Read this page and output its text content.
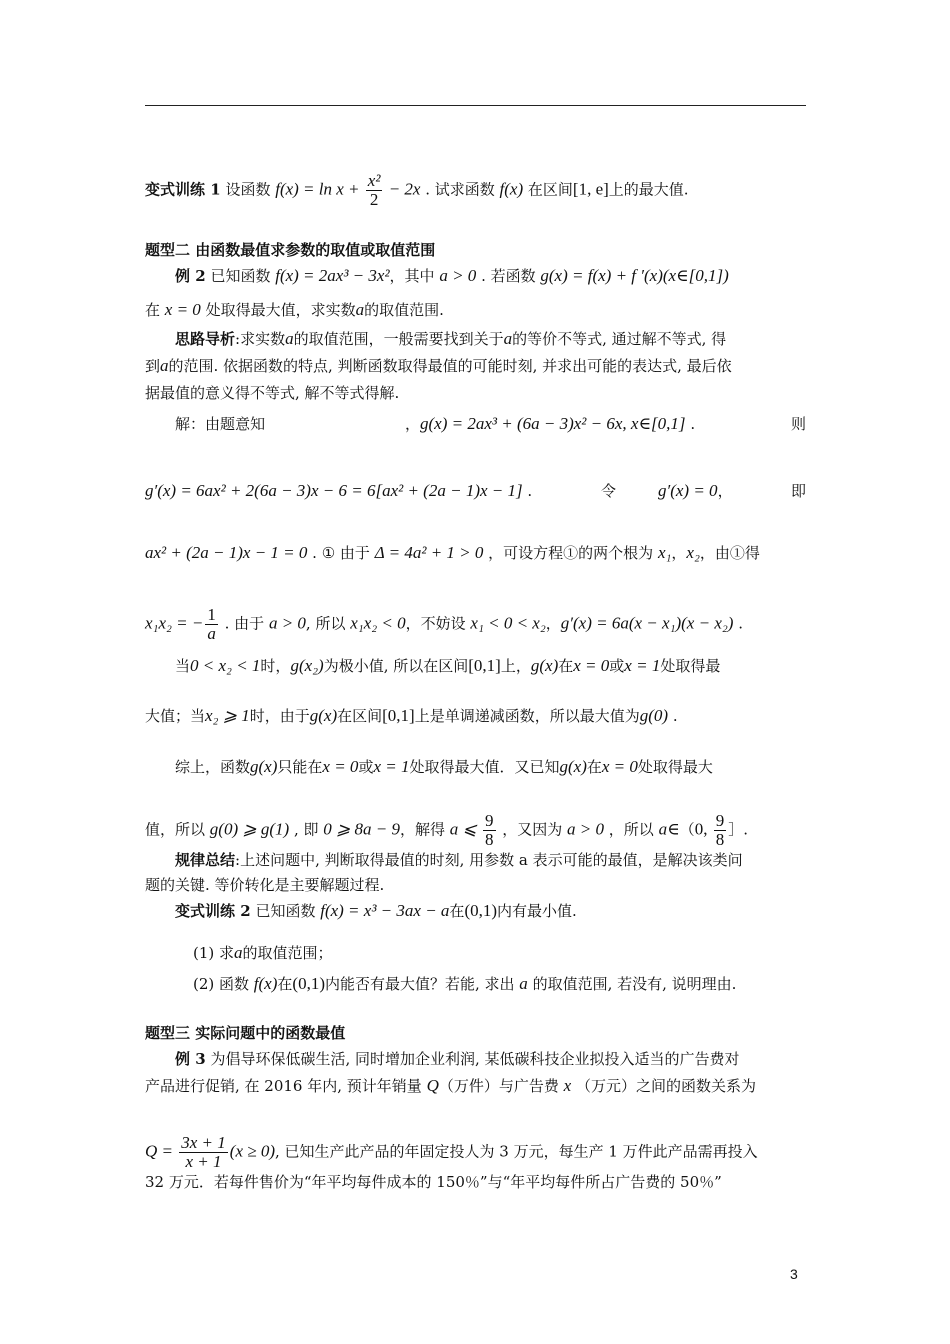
变式训练 1 设函数 $f(x) = \ln x + \frac{\text{x²}}{2} - 2x$ . 试求函数 f(x) 在区间[1, e]上的最大值.
题型二 由函数最值求参数的取值或取值范围
例 2 已知函数 f(x) = 2ax³ − 3x²，其中 a > 0 . 若函数 g(x) = f(x) + f ′(x)(x∈[0,1])
在 x = 0 处取得最大值，求实数a的取值范围.
思路导析:求实数a的取值范围，一般需要找到关于a的等价不等式, 通过解不等式, 得
到a的范围. 依据函数的特点, 判断函数取得最值的可能时刻, 并求出可能的表达式, 最后依
据最值的意义得不等式, 解不等式得解.
解：由题意知	，g(x) = 2ax³ + (6a − 3)x² − 6x, x∈[0,1] .	则
g′(x) = 6ax² + 2(6a − 3)x − 6 = 6[ax² + (2a − 1)x − 1] .	令 g′(x) = 0，	即
ax² + (2a − 1)x − 1 = 0 . ① 由于 Δ = 4a² + 1 > 0 ，可设方程①的两个根为 x₁，x₂，由①得
x₁x₂ = − $\frac{1}{a}$ . 由于 a > 0, 所以 x₁x₂ < 0，不妨设 x₁ < 0 < x₂，g′(x) = 6a(x − x₁)(x − x₂) .
当0 < x₂ < 1时，g(x₂)为极小值, 所以在区间[0,1]上，g(x)在x = 0或x = 1处取得最
大值；当x₂ ⩾ 1时，由于g(x)在区间[0,1]上是单调递减函数，所以最大值为g(0) .
综上，函数g(x)只能在x = 0或x = 1处取得最大值．又已知g(x)在x = 0处取得最大
值，所以 g(0) ⩾ g(1) , 即 0 ⩾ 8a − 9，解得 a ⩽ $\frac{9}{8}$ ，又因为 a > 0 ，所以 a∈（0, $\frac{9}{8}$ ］.
规律总结:上述问题中, 判断取得最值的时刻, 用参数 a 表示可能的最值，是解决该类问
题的关键. 等价转化是主要解题过程.
变式训练 2 已知函数 f(x) = x³ − 3ax − a在(0,1)内有最小值.
(1) 求a的取值范围；
(2) 函数 f(x)在(0,1)内能否有最大值？若能, 求出 a 的取值范围, 若没有, 说明理由.
题型三 实际问题中的函数最值
例 3 为倡导环保低碳生活, 同时增加企业利润, 某低碳科技企业拟投入适当的广告费对
产品进行促销, 在 2016 年内, 预计年销量 Q（万件）与广告费 x （万元）之间的函数关系为
$Q = \frac{3x + 1}{x + 1} (x \ge 0)$, 已知生产此产品的年固定投人为 3 万元，每生产 1 万件此产品需再投入
32 万元．若每件售价为“年平均每件成本的 150％”与“年平均每件所占广告费的 50％”
3
